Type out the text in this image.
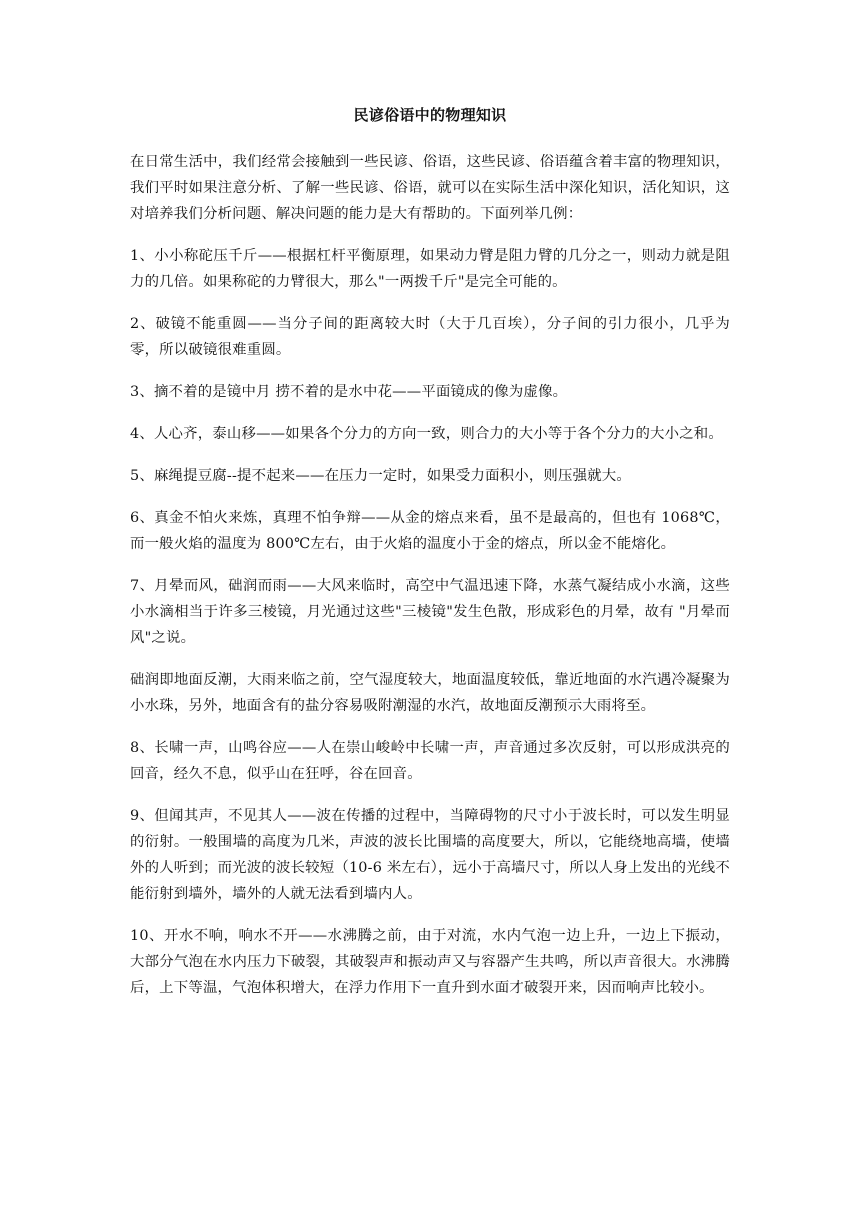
民谚俗语中的物理知识

在日常生活中，我们经常会接触到一些民谚、俗语，这些民谚、俗语蕴含着丰富的物理知识，我们平时如果注意分析、了解一些民谚、俗语，就可以在实际生活中深化知识，活化知识，这对培养我们分析问题、解决问题的能力是大有帮助的。下面列举几例：

1、小小称砣压千斤——根据杠杆平衡原理，如果动力臂是阻力臂的几分之一，则动力就是阻力的几倍。如果称砣的力臂很大，那么"一两拨千斤"是完全可能的。

2、破镜不能重圆——当分子间的距离较大时（大于几百埃），分子间的引力很小，几乎为零，所以破镜很难重圆。

3、摘不着的是镜中月 捞不着的是水中花——平面镜成的像为虚像。

4、人心齐，泰山移——如果各个分力的方向一致，则合力的大小等于各个分力的大小之和。

5、麻绳提豆腐--提不起来——在压力一定时，如果受力面积小，则压强就大。

6、真金不怕火来炼，真理不怕争辩——从金的熔点来看，虽不是最高的，但也有 1068℃，而一般火焰的温度为 800℃左右，由于火焰的温度小于金的熔点，所以金不能熔化。

7、月晕而风，础润而雨——大风来临时，高空中气温迅速下降，水蒸气凝结成小水滴，这些小水滴相当于许多三棱镜，月光通过这些"三棱镜"发生色散，形成彩色的月晕，故有 "月晕而风"之说。

础润即地面反潮，大雨来临之前，空气湿度较大，地面温度较低，靠近地面的水汽遇冷凝聚为小水珠，另外，地面含有的盐分容易吸附潮湿的水汽，故地面反潮预示大雨将至。

8、长啸一声，山鸣谷应——人在崇山峻岭中长啸一声，声音通过多次反射，可以形成洪亮的回音，经久不息，似乎山在狂呼，谷在回音。

9、但闻其声，不见其人——波在传播的过程中，当障碍物的尺寸小于波长时，可以发生明显的衍射。一般围墙的高度为几米，声波的波长比围墙的高度要大，所以，它能绕地高墙，使墙外的人听到；而光波的波长较短（10-6 米左右），远小于高墙尺寸，所以人身上发出的光线不能衍射到墙外，墙外的人就无法看到墙内人。

10、开水不响，响水不开——水沸腾之前，由于对流，水内气泡一边上升，一边上下振动，大部分气泡在水内压力下破裂，其破裂声和振动声又与容器产生共鸣，所以声音很大。水沸腾后，上下等温，气泡体积增大，在浮力作用下一直升到水面才破裂开来，因而响声比较小。
